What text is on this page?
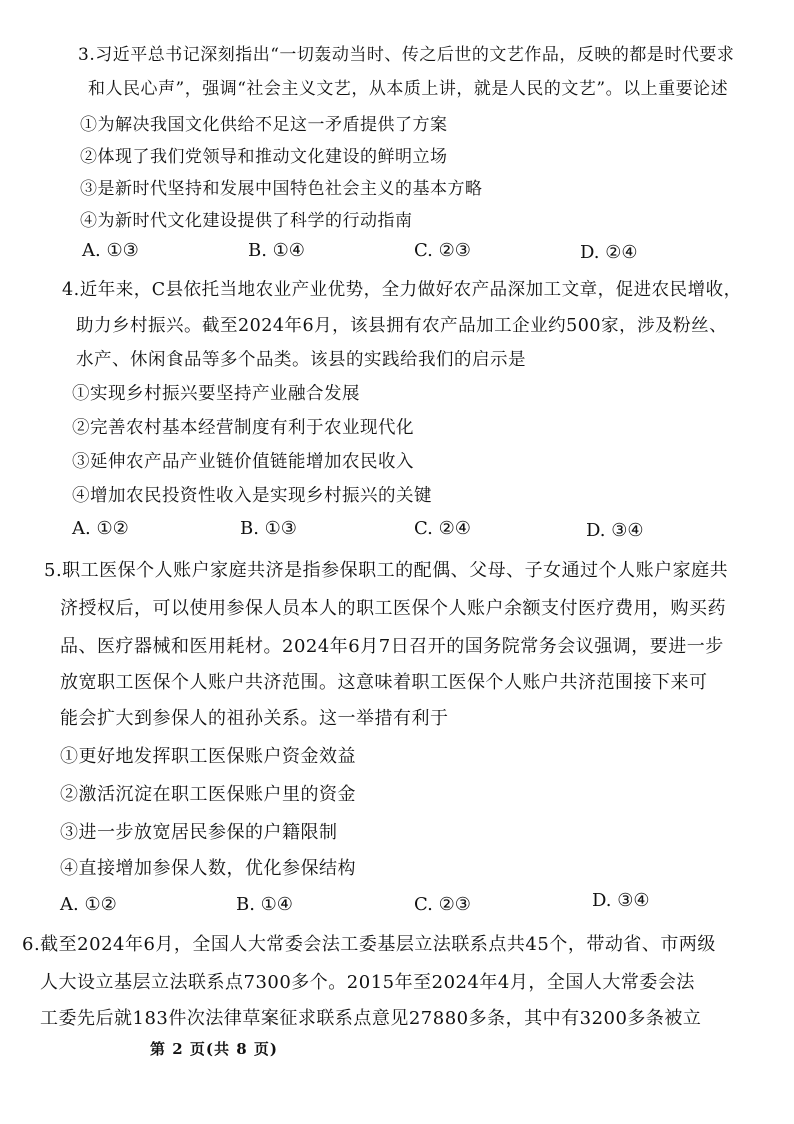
3.习近平总书记深刻指出“一切轰动当时、传之后世的文艺作品，反映的都是时代要求
和人民心声”，强调“社会主义文艺，从本质上讲，就是人民的文艺”。以上重要论述
①为解决我国文化供给不足这一矛盾提供了方案
②体现了我们党领导和推动文化建设的鲜明立场
③是新时代坚持和发展中国特色社会主义的基本方略
④为新时代文化建设提供了科学的行动指南
A. ①③	B. ①④	C. ②③	D. ②④
4.近年来，C县依托当地农业产业优势，全力做好农产品深加工文章，促进农民增收，
助力乡村振兴。截至2024年6月，该县拥有农产品加工企业约500家，涉及粉丝、
水产、休闲食品等多个品类。该县的实践给我们的启示是
①实现乡村振兴要坚持产业融合发展
②完善农村基本经营制度有利于农业现代化
③延伸农产品产业链价值链能增加农民收入
④增加农民投资性收入是实现乡村振兴的关键
A. ①②	B. ①③	C. ②④	D. ③④
5.职工医保个人账户家庭共济是指参保职工的配偶、父母、子女通过个人账户家庭共
济授权后，可以使用参保人员本人的职工医保个人账户余额支付医疗费用，购买药
品、医疗器械和医用耗材。2024年6月7日召开的国务院常务会议强调，要进一步
放宽职工医保个人账户共济范围。这意味着职工医保个人账户共济范围接下来可
能会扩大到参保人的祖孙关系。这一举措有利于
①更好地发挥职工医保账户资金效益
②激活沉淀在职工医保账户里的资金
③进一步放宽居民参保的户籍限制
④直接增加参保人数，优化参保结构
A. ①②	B. ①④	C. ②③	D. ③④
6.截至2024年6月，全国人大常委会法工委基层立法联系点共45个，带动省、市两级
人大设立基层立法联系点7300多个。2015年至2024年4月，全国人大常委会法
工委先后就183件次法律草案征求联系点意见27880多条，其中有3200多条被立
第 2 页(共 8 页)
